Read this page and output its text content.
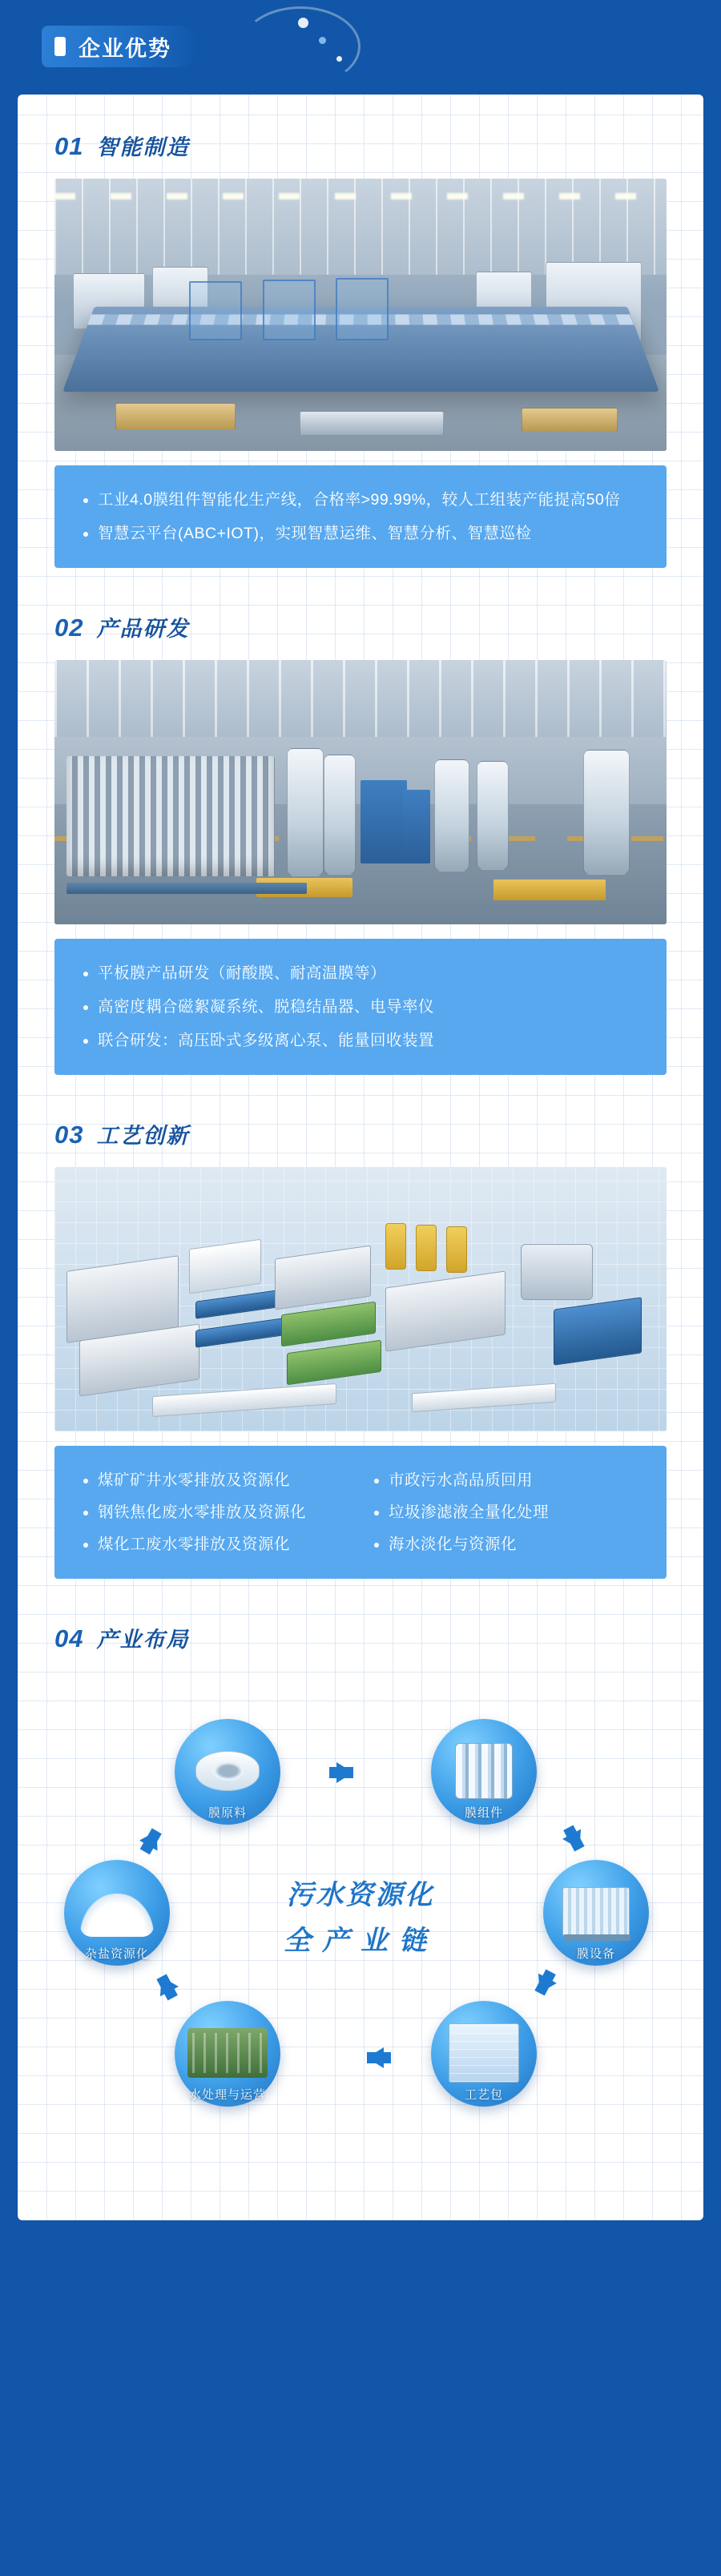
企业优势
01 智能制造
工业4.0膜组件智能化生产线，合格率>99.99%，较人工组装产能提高50倍
智慧云平台(ABC+IOT)，实现智慧运维、智慧分析、智慧巡检
02 产品研发
平板膜产品研发（耐酸膜、耐高温膜等）
高密度耦合磁絮凝系统、脱稳结晶器、电导率仪
联合研发：高压卧式多级离心泵、能量回收装置
03 工艺创新
煤矿矿井水零排放及资源化	市政污水高品质回用
钢铁焦化废水零排放及资源化	垃圾渗滤液全量化处理
煤化工废水零排放及资源化	海水淡化与资源化
04 产业布局
污水资源化
全产业链
膜原料	膜组件
膜设备
工艺包
水处理与运营
杂盐资源化
